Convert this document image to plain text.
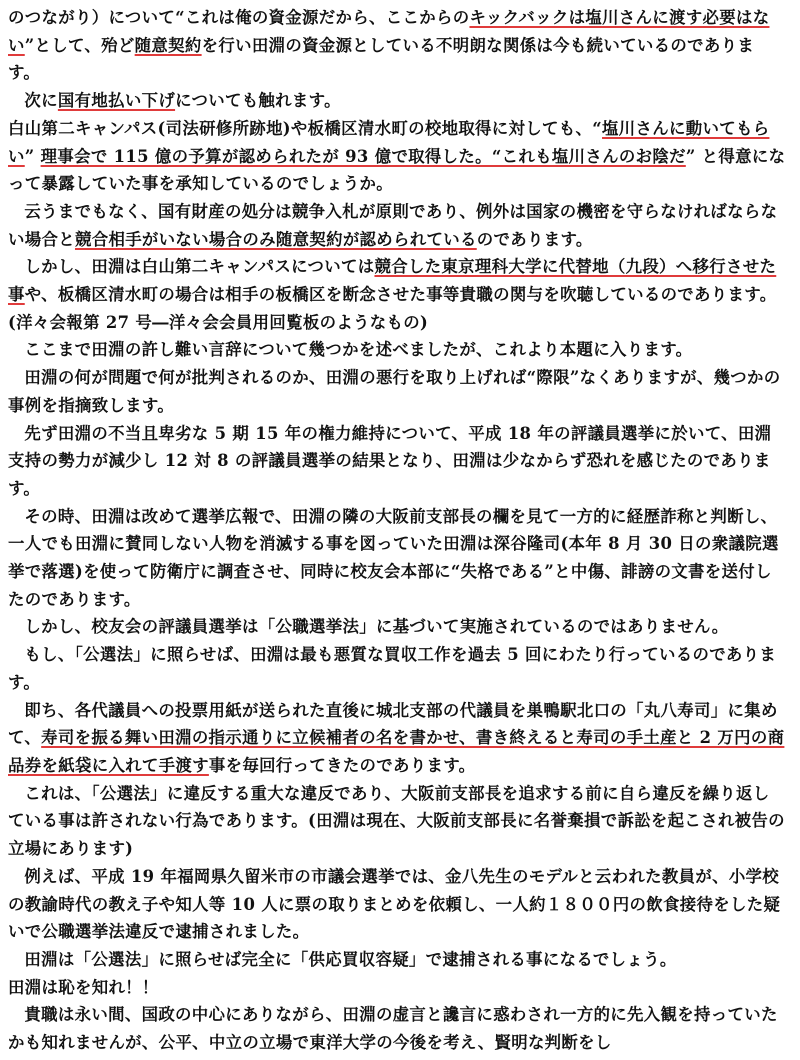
のつながり）について“これは俺の資金源だから、ここからのキックバックは塩川さんに渡す必要はない”として、殆ど随意契約を行い田淵の資金源としている不明朗な関係は今も続いているのであります。

次に国有地払い下げについても触れます。

白山第二キャンパス(司法研修所跡地)や板橋区清水町の校地取得に対しても、“塩川さんに動いてもらい” 理事会で 115 億の予算が認められたが 93 億で取得した。“これも塩川さんのお陰だ” と得意になって暴露していた事を承知しているのでしょうか。

云うまでもなく、国有財産の処分は競争入札が原則であり、例外は国家の機密を守らなければならない場合と競合相手がいない場合のみ随意契約が認められているのであります。

しかし、田淵は白山第二キャンパスについては競合した東京理科大学に代替地（九段）へ移行させた事や、板橋区清水町の場合は相手の板橋区を断念させた事等貴職の関与を吹聴しているのであります。(洋々会報第 27 号―洋々会会員用回覧板のようなもの)

ここまで田淵の許し難い言辞について幾つかを述べましたが、これより本題に入ります。

田淵の何が問題で何が批判されるのか、田淵の悪行を取り上げれば“際限”なくありますが、幾つかの事例を指摘致します。

先ず田淵の不当且卑劣な 5 期 15 年の権力維持について、平成 18 年の評議員選挙に於いて、田淵支持の勢力が減少し 12 対 8 の評議員選挙の結果となり、田淵は少なからず恐れを感じたのであります。

その時、田淵は改めて選挙広報で、田淵の隣の大阪前支部長の欄を見て一方的に経歴詐称と判断し、一人でも田淵に賛同しない人物を消滅する事を図っていた田淵は深谷隆司(本年 8 月 30 日の衆議院選挙で落選)を使って防衛庁に調査させ、同時に校友会本部に“失格である”と中傷、誹謗の文書を送付したのであります。

しかし、校友会の評議員選挙は「公職選挙法」に基づいて実施されているのではありません。

もし、「公選法」に照らせば、田淵は最も悪質な買収工作を過去 5 回にわたり行っているのであります。

即ち、各代議員への投票用紙が送られた直後に城北支部の代議員を巣鴨駅北口の「丸八寿司」に集めて、寿司を振る舞い田淵の指示通りに立候補者の名を書かせ、書き終えると寿司の手土産と 2 万円の商品券を紙袋に入れて手渡す事を毎回行ってきたのであります。

これは、「公選法」に違反する重大な違反であり、大阪前支部長を追求する前に自ら違反を繰り返している事は許されない行為であります。(田淵は現在、大阪前支部長に名誉棄損で訴訟を起こされ被告の立場にあります)

例えば、平成 19 年福岡県久留米市の市議会選挙では、金八先生のモデルと云われた教員が、小学校の教諭時代の教え子や知人等 10 人に票の取りまとめを依頼し、一人約１８００円の飲食接待をした疑いで公職選挙法違反で逮捕されました。

田淵は「公選法」に照らせば完全に「供応買収容疑」で逮捕される事になるでしょう。

田淵は恥を知れ！！

貴職は永い間、国政の中心にありながら、田淵の虚言と讒言に惑わされ一方的に先入観を持っていたかも知れませんが、公平、中立の立場で東洋大学の今後を考え、賢明な判断をし
